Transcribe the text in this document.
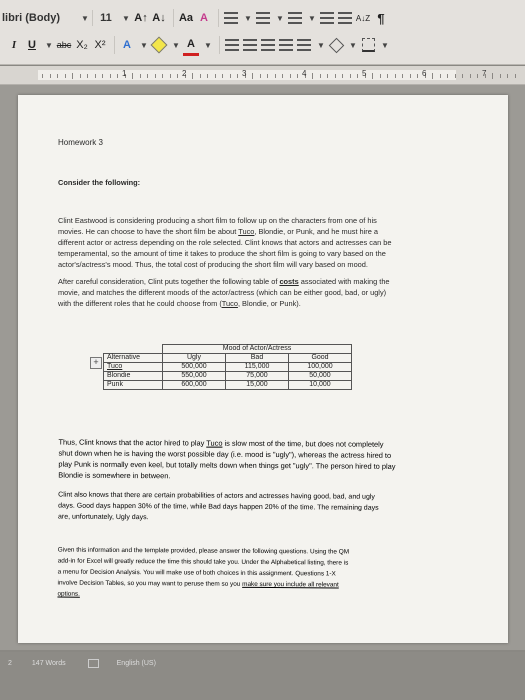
libri (Body)	▼	11	▼ A↑ A↓ Aa A	▼	▼	▼	A↓Z ¶
I	U	▼ abc X₂ X²	A	▼	▼ A	▼	▼	▼	▼
1	2	3	4	5	6	7

Homework 3

Consider the following:

Clint Eastwood is considering producing a short film to follow up on the characters from one of his

movies. He can choose to have the short film be about Tuco, Blondie, or Punk, and he must hire a

different actor or actress depending on the role selected. Clint knows that actors and actresses can be

temperamental, so the amount of time it takes to produce the short film is going to vary based on the

actor's/actress's mood. Thus, the total cost of producing the short film will vary based on mood.

After careful consideration, Clint puts together the following table of costs associated with making the

movie, and matches the different moods of the actor/actress (which can be either good, bad, or ugly)

with the different roles that he could choose from (Tuco, Blondie, or Punk).

+
	Mood of Actor/Actress		
Alternative	Ugly	Bad	Good
Tuco	500,000	115,000	100,000
Blondie	550,000	75,000	50,000
Punk	600,000	15,000	10,000

Thus, Clint knows that the actor hired to play Tuco is slow most of the time, but does not completely

shut down when he is having the worst possible day (i.e. mood is "ugly"), whereas the actress hired to

play Punk is normally even keel, but totally melts down when things get "ugly". The person hired to play

Blondie is somewhere in between.

Clint also knows that there are certain probabilities of actors and actresses having good, bad, and ugly

days. Good days happen 30% of the time, while Bad days happen 20% of the time. The remaining days

are, unfortunately, Ugly days.

Given this information and the template provided, please answer the following questions. Using the QM

add-in for Excel will greatly reduce the time this should take you. Under the Alphabetical listing, there is

a menu for Decision Analysis. You will make use of both choices in this assignment. Questions 1-X

involve Decision Tables, so you may want to peruse them so you make sure you include all relevant

options.

2	147 Words	English (US)
